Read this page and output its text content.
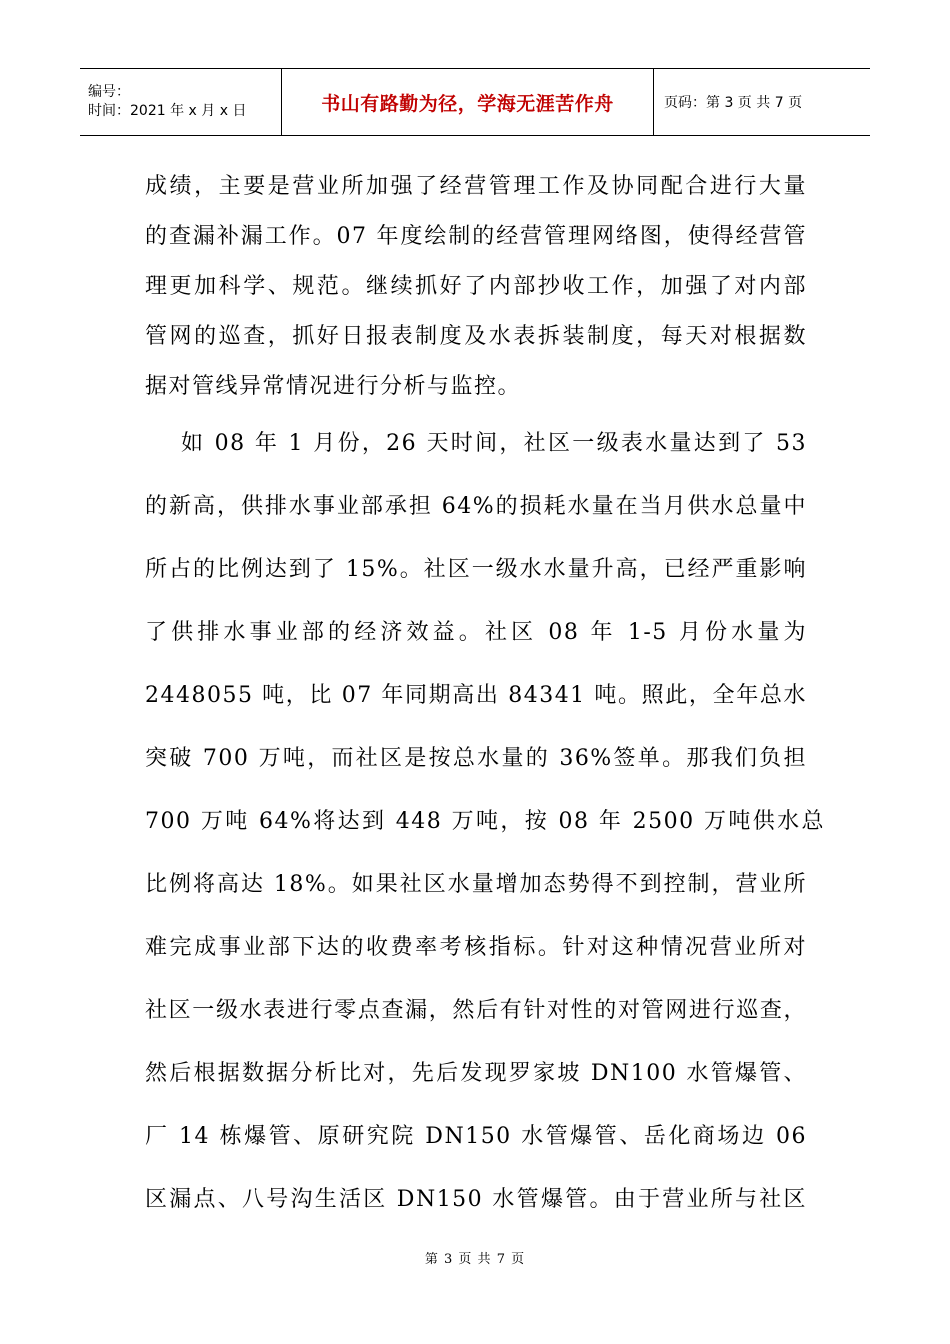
编号：
时间：2021 年 x 月 x 日	书山有路勤为径，学海无涯苦作舟	页码：第 3 页 共 7 页
成绩，主要是营业所加强了经营管理工作及协同配合进行大量
的查漏补漏工作。07 年度绘制的经营管理网络图，使得经营管
理更加科学、规范。继续抓好了内部抄收工作，加强了对内部
管网的巡查，抓好日报表制度及水表拆装制度，每天对根据数
据对管线异常情况进行分析与监控。
如 08 年 1 月份，26 天时间，社区一级表水量达到了 53
的新高，供排水事业部承担 64%的损耗水量在当月供水总量中
所占的比例达到了 15%。社区一级水水量升高，已经严重影响
了供排水事业部的经济效益。社区 08 年 1-5 月份水量为
2448055 吨，比 07 年同期高出 84341 吨。照此，全年总水
突破 700 万吨，而社区是按总水量的 36%签单。那我们负担
700 万吨 64%将达到 448 万吨，按 08 年 2500 万吨供水总
比例将高达 18%。如果社区水量增加态势得不到控制，营业所
难完成事业部下达的收费率考核指标。针对这种情况营业所对
社区一级水表进行零点查漏，然后有针对性的对管网进行巡查，
然后根据数据分析比对，先后发现罗家坡 DN100 水管爆管、
厂 14 栋爆管、原研究院 DN150 水管爆管、岳化商场边 06
区漏点、八号沟生活区 DN150 水管爆管。由于营业所与社区
第 3 页 共 7 页
